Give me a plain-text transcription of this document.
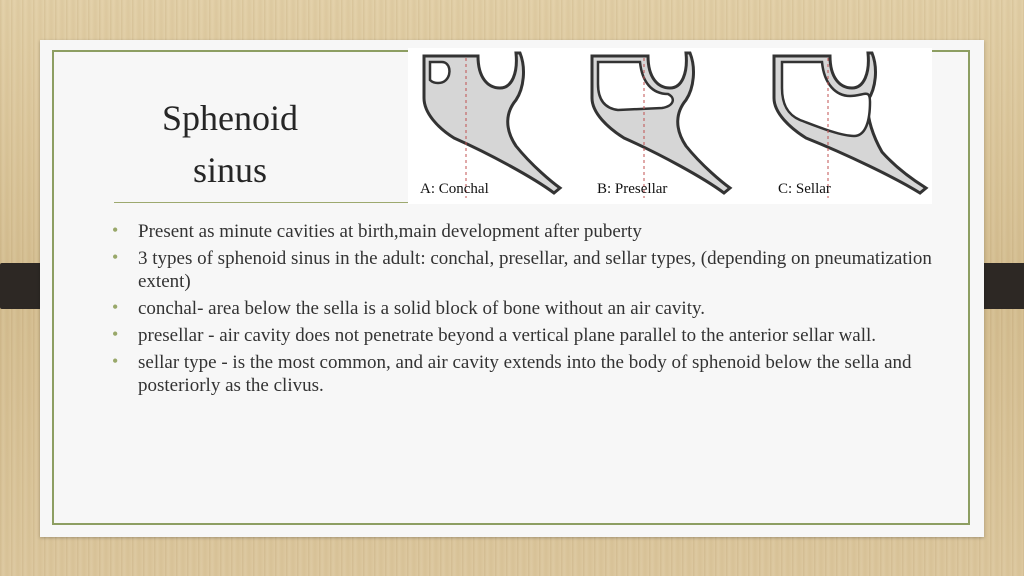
Sphenoid
sinus	A: Conchal	B: Presellar	C: Sellar
• Present as minute cavities at birth,main development after puberty
• 3 types of sphenoid sinus in the adult: conchal, presellar, and sellar types, (depending on pneumatization extent)
• conchal- area below the sella is a solid block of bone without an air cavity.
• presellar - air cavity does not penetrate beyond a vertical plane parallel to the anterior sellar wall.
• sellar type - is the most common, and air cavity extends into the body of sphenoid below the sella and posteriorly as the clivus.
